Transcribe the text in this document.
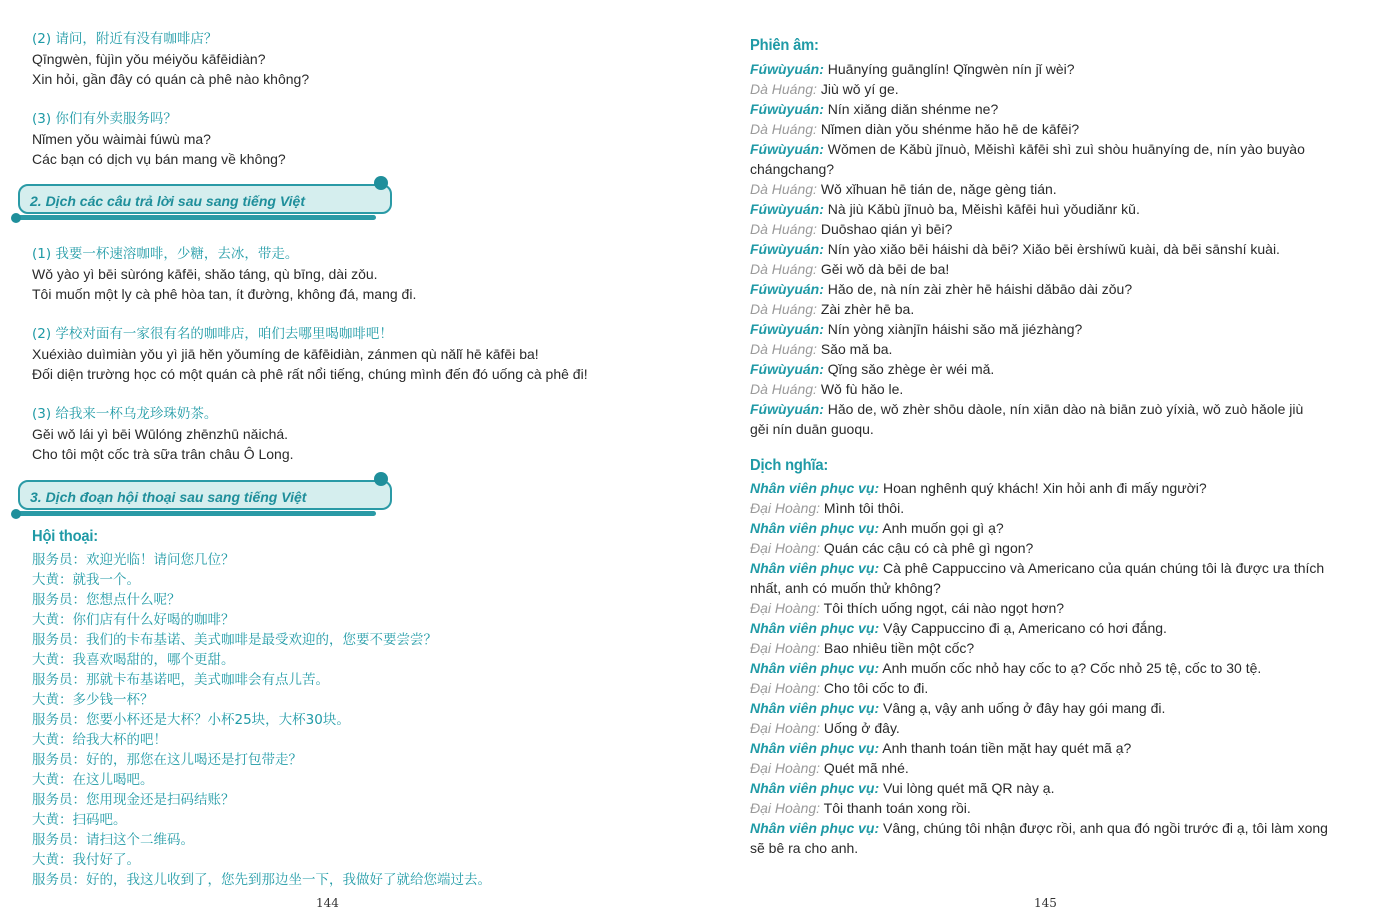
(2) 请问，附近有没有咖啡店？
Qīngwèn, fùjìn yǒu méiyǒu kāfēidiàn?
Xin hỏi, gần đây có quán cà phê nào không?
(3) 你们有外卖服务吗？
Nǐmen yǒu wàimài fúwù ma?
Các bạn có dịch vụ bán mang về không?
2. Dịch các câu trả lời sau sang tiếng Việt
(1) 我要一杯速溶咖啡，少糖，去冰，带走。
Wǒ yào yì bēi sùróng kāfēi, shǎo táng, qù bīng, dài zǒu.
Tôi muốn một ly cà phê hòa tan, ít đường, không đá, mang đi.
(2) 学校对面有一家很有名的咖啡店，咱们去哪里喝咖啡吧！
Xuéxiào duìmiàn yǒu yì jiā hěn yǒumíng de kāfēidiàn, zánmen qù nǎlǐ hē kāfēi ba!
Đối diện trường học có một quán cà phê rất nổi tiếng, chúng mình đến đó uống cà phê đi!
(3) 给我来一杯乌龙珍珠奶茶。
Gěi wǒ lái yì bēi Wūlóng zhēnzhū nǎichá.
Cho tôi một cốc trà sữa trân châu Ô Long.
3. Dịch đoạn hội thoại sau sang tiếng Việt
Hội thoại:
服务员：欢迎光临！请问您几位？
大黄：就我一个。
服务员：您想点什么呢？
大黄：你们店有什么好喝的咖啡？
服务员：我们的卡布基诺、美式咖啡是最受欢迎的，您要不要尝尝？
大黄：我喜欢喝甜的，哪个更甜。
服务员：那就卡布基诺吧，美式咖啡会有点儿苦。
大黄：多少钱一杯？
服务员：您要小杯还是大杯？小杯25块，大杯30块。
大黄：给我大杯的吧！
服务员：好的，那您在这儿喝还是打包带走？
大黄：在这儿喝吧。
服务员：您用现金还是扫码结账？
大黄：扫码吧。
服务员：请扫这个二维码。
大黄：我付好了。
服务员：好的，我这儿收到了，您先到那边坐一下，我做好了就给您端过去。
144
Phiên âm:
Fúwùyuán: Huānyíng guānglín! Qǐngwèn nín jǐ wèi?
Dà Huáng: Jiù wǒ yí ge.
Fúwùyuán: Nín xiǎng diǎn shénme ne?
Dà Huáng: Nǐmen diàn yǒu shénme hǎo hē de kāfēi?
Fúwùyuán: Wǒmen de Kǎbù jīnuò, Měishì kāfēi shì zuì shòu huānyíng de, nín yào buyào
chángchang?
Dà Huáng: Wǒ xǐhuan hē tián de, nǎge gèng tián.
Fúwùyuán: Nà jiù Kǎbù jīnuò ba, Měishì kāfēi huì yǒudiǎnr kǔ.
Dà Huáng: Duōshao qián yì bēi?
Fúwùyuán: Nín yào xiǎo bēi háishi dà bēi? Xiǎo bēi èrshíwǔ kuài, dà bēi sānshí kuài.
Dà Huáng: Gěi wǒ dà bēi de ba!
Fúwùyuán: Hǎo de, nà nín zài zhèr hē háishi dǎbāo dài zǒu?
Dà Huáng: Zài zhèr hē ba.
Fúwùyuán: Nín yòng xiànjīn háishi sǎo mǎ jiézhàng?
Dà Huáng: Sǎo mǎ ba.
Fúwùyuán: Qǐng sǎo zhège èr wéi mǎ.
Dà Huáng: Wǒ fù hǎo le.
Fúwùyuán: Hǎo de, wǒ zhèr shōu dàole, nín xiān dào nà biān zuò yíxià, wǒ zuò hǎole jiù
gěi nín duān guoqu.
Dịch nghĩa:
Nhân viên phục vụ: Hoan nghênh quý khách! Xin hỏi anh đi mấy người?
Đại Hoàng: Mình tôi thôi.
Nhân viên phục vụ: Anh muốn gọi gì ạ?
Đại Hoàng: Quán các cậu có cà phê gì ngon?
Nhân viên phục vụ: Cà phê Cappuccino và Americano của quán chúng tôi là được ưa thích
nhất, anh có muốn thử không?
Đại Hoàng: Tôi thích uống ngọt, cái nào ngọt hơn?
Nhân viên phục vụ: Vậy Cappuccino đi ạ, Americano có hơi đắng.
Đại Hoàng: Bao nhiêu tiền một cốc?
Nhân viên phục vụ: Anh muốn cốc nhỏ hay cốc to ạ? Cốc nhỏ 25 tệ, cốc to 30 tệ.
Đại Hoàng: Cho tôi cốc to đi.
Nhân viên phục vụ: Vâng ạ, vậy anh uống ở đây hay gói mang đi.
Đại Hoàng: Uống ở đây.
Nhân viên phục vụ: Anh thanh toán tiền mặt hay quét mã ạ?
Đại Hoàng: Quét mã nhé.
Nhân viên phục vụ: Vui lòng quét mã QR này ạ.
Đại Hoàng: Tôi thanh toán xong rồi.
Nhân viên phục vụ: Vâng, chúng tôi nhận được rồi, anh qua đó ngồi trước đi ạ, tôi làm xong
sẽ bê ra cho anh.
145
